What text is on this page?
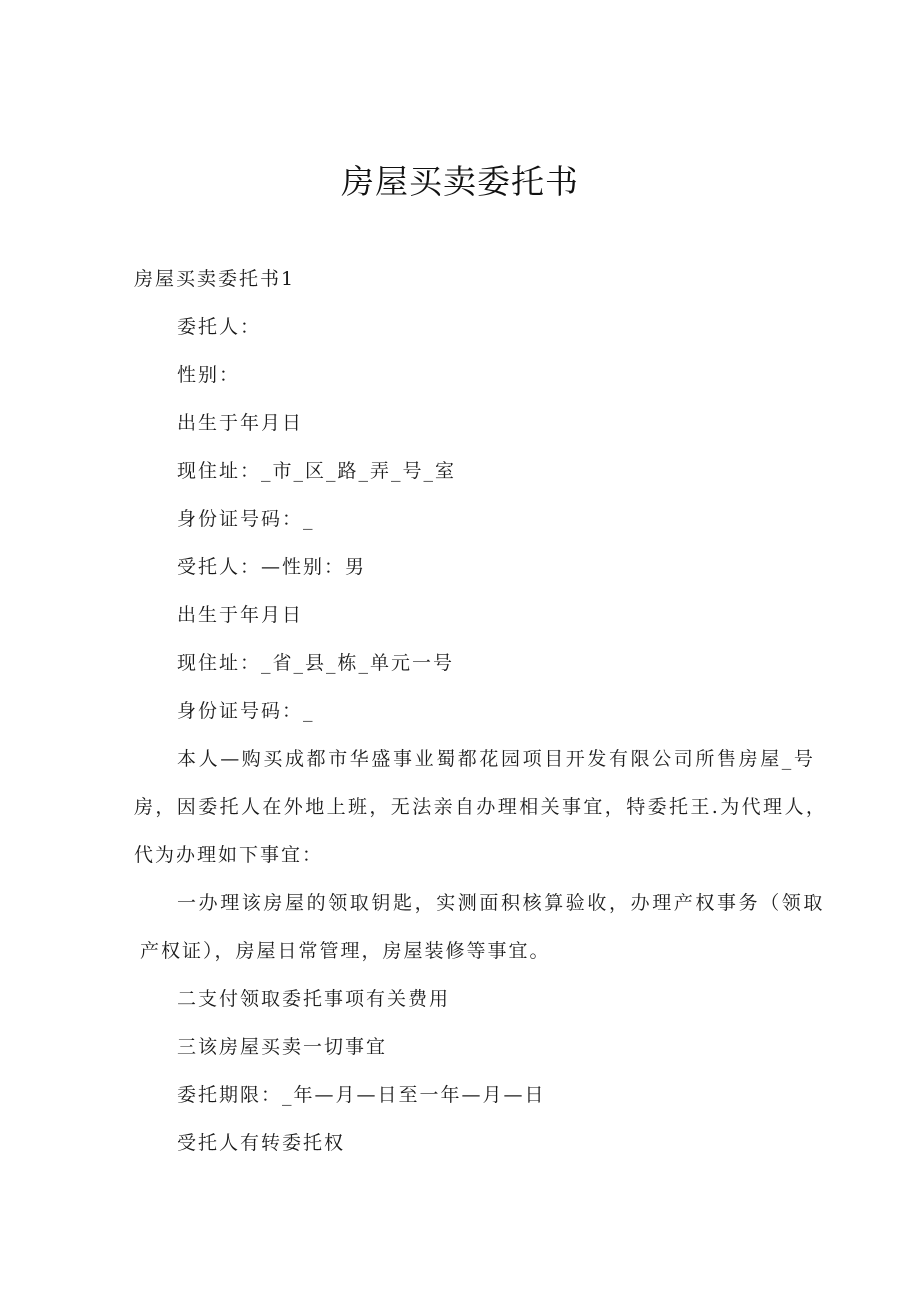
房屋买卖委托书
房屋买卖委托书1
委托人：
性别：
出生于年月日
现住址：_市_区_路_弄_号_室
身份证号码：_
受托人：—性别：男
出生于年月日
现住址：_省_县_栋_单元一号
身份证号码：_
本人—购买成都市华盛事业蜀都花园项目开发有限公司所售房屋_号
房，因委托人在外地上班，无法亲自办理相关事宜，特委托王.为代理人，
代为办理如下事宜：
一办理该房屋的领取钥匙，实测面积核算验收，办理产权事务（领取
产权证），房屋日常管理，房屋装修等事宜。
二支付领取委托事项有关费用
三该房屋买卖一切事宜
委托期限：_年—月—日至一年—月—日
受托人有转委托权
